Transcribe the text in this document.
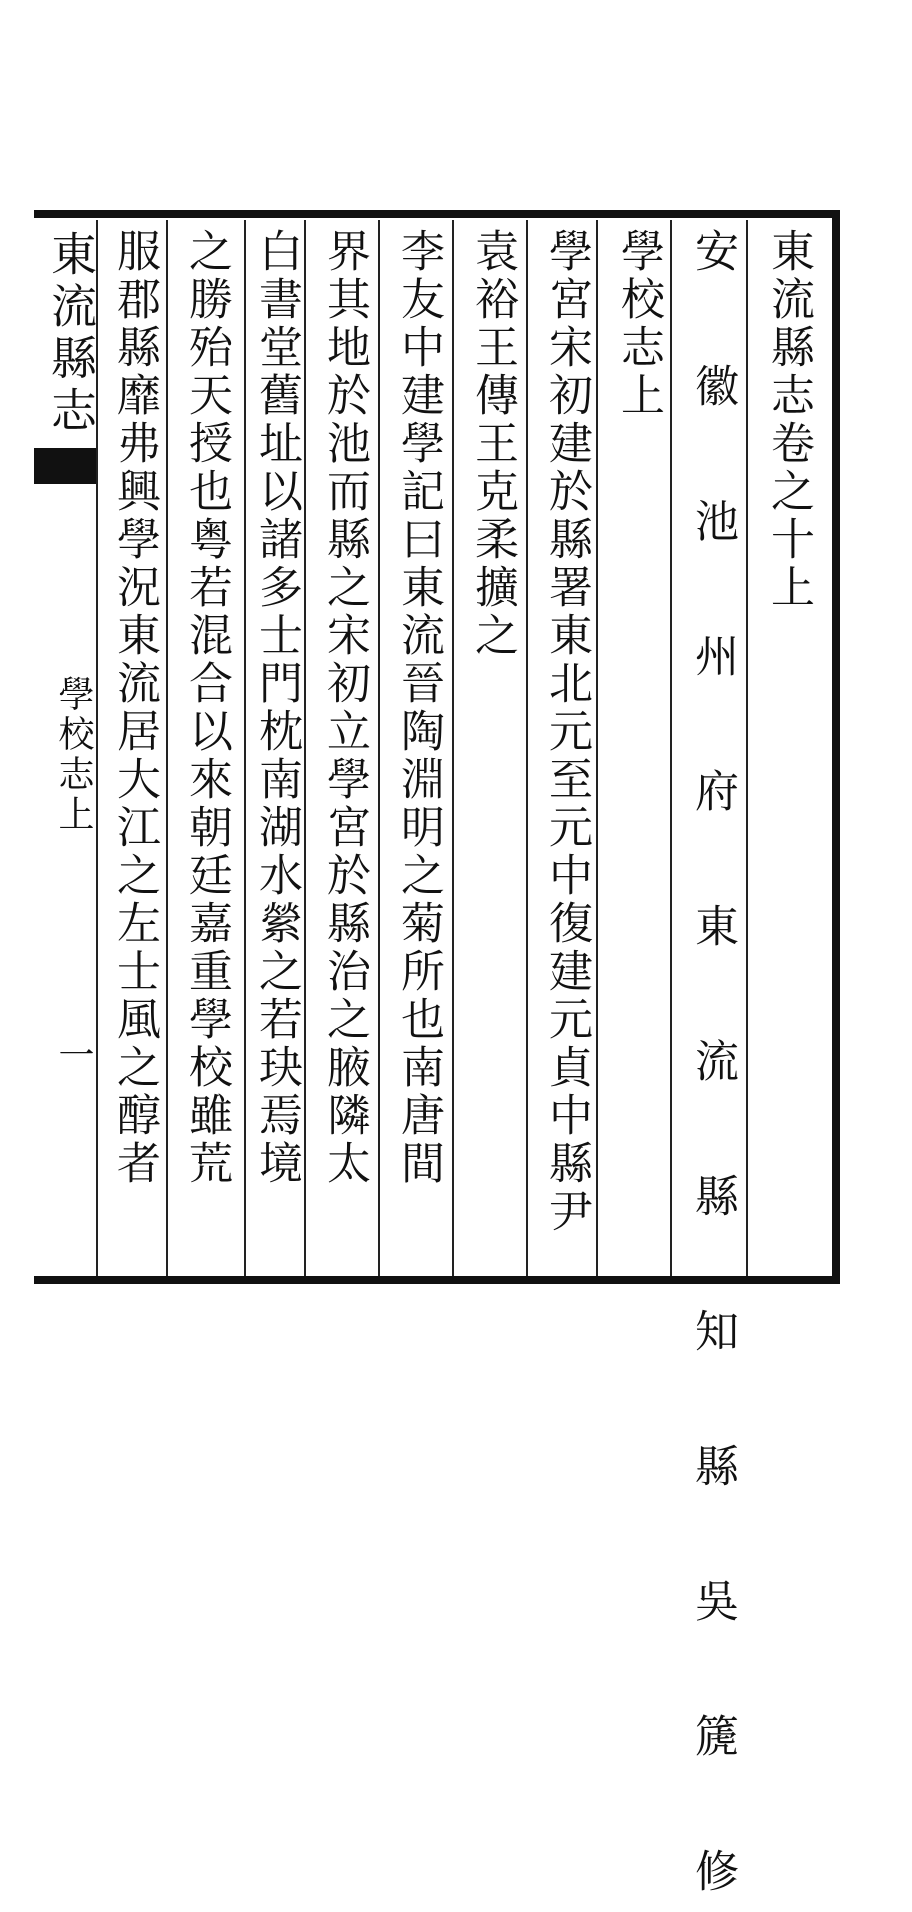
東流縣志
學校志上
一
東流縣志卷之十上
安 徽 池 州 府 東 流 縣 知 縣 吳 篪 修
學校志上
學宮宋初建於縣署東北元至元中復建元貞中縣尹
袁裕王傳王克柔擴之
李友中建學記曰東流晉陶淵明之菊所也南唐間
界其地於池而縣之宋初立學宮於縣治之腋隣太
白書堂舊址以諸多士門枕南湖水縈之若玦焉境
之勝殆天授也粤若混合以來朝廷嘉重學校雖荒
服郡縣靡弗興學況東流居大江之左士風之醇者
